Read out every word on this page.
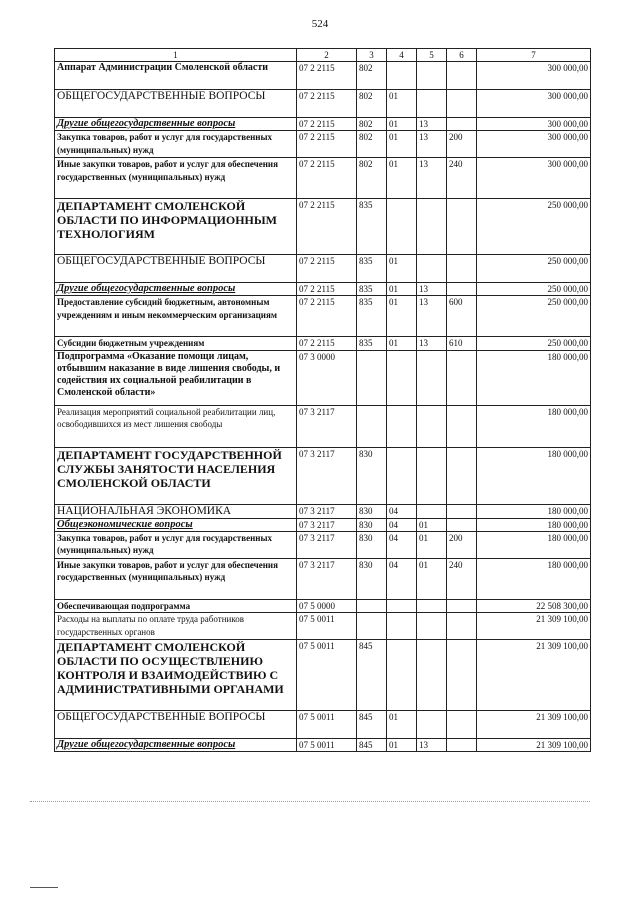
524
1	2	3	4	5	6	7
Аппарат Администрации Смоленской области	07 2 2115	802				300 000,00
ОБЩЕГОСУДАРСТВЕННЫЕ ВОПРОСЫ	07 2 2115	802	01			300 000,00
Другие общегосударственные вопросы	07 2 2115	802	01	13		300 000,00
Закупка товаров, работ и услуг для государственных (муниципальных) нужд	07 2 2115	802	01	13	200	300 000,00
Иные закупки товаров, работ и услуг для обеспечения государственных (муниципальных) нужд	07 2 2115	802	01	13	240	300 000,00
ДЕПАРТАМЕНТ СМОЛЕНСКОЙ ОБЛАСТИ ПО ИНФОРМАЦИОННЫМ ТЕХНОЛОГИЯМ	07 2 2115	835				250 000,00
ОБЩЕГОСУДАРСТВЕННЫЕ ВОПРОСЫ	07 2 2115	835	01			250 000,00
Другие общегосударственные вопросы	07 2 2115	835	01	13		250 000,00
Предоставление субсидий бюджетным, автономным учреждениям и иным некоммерческим организациям	07 2 2115	835	01	13	600	250 000,00
Субсидии бюджетным учреждениям	07 2 2115	835	01	13	610	250 000,00
Подпрограмма «Оказание помощи лицам, отбывшим наказание в виде лишения свободы, и содействия их социальной реабилитации в Смоленской области»	07 3 0000					180 000,00
Реализация мероприятий социальной реабилитации лиц, освободившихся из мест лишения свободы	07 3 2117					180 000,00
ДЕПАРТАМЕНТ ГОСУДАРСТВЕННОЙ СЛУЖБЫ ЗАНЯТОСТИ НАСЕЛЕНИЯ СМОЛЕНСКОЙ ОБЛАСТИ	07 3 2117	830				180 000,00
НАЦИОНАЛЬНАЯ ЭКОНОМИКА	07 3 2117	830	04			180 000,00
Общеэкономические вопросы	07 3 2117	830	04	01		180 000,00
Закупка товаров, работ и услуг для государственных (муниципальных) нужд	07 3 2117	830	04	01	200	180 000,00
Иные закупки товаров, работ и услуг для обеспечения государственных (муниципальных) нужд	07 3 2117	830	04	01	240	180 000,00
Обеспечивающая подпрограмма	07 5 0000					22 508 300,00
Расходы на выплаты по оплате труда работников государственных органов	07 5 0011					21 309 100,00
ДЕПАРТАМЕНТ СМОЛЕНСКОЙ ОБЛАСТИ ПО ОСУЩЕСТВЛЕНИЮ КОНТРОЛЯ И ВЗАИМОДЕЙСТВИЮ С АДМИНИСТРАТИВНЫМИ ОРГАНАМИ	07 5 0011	845				21 309 100,00
ОБЩЕГОСУДАРСТВЕННЫЕ ВОПРОСЫ	07 5 0011	845	01			21 309 100,00
Другие общегосударственные вопросы	07 5 0011	845	01	13		21 309 100,00
